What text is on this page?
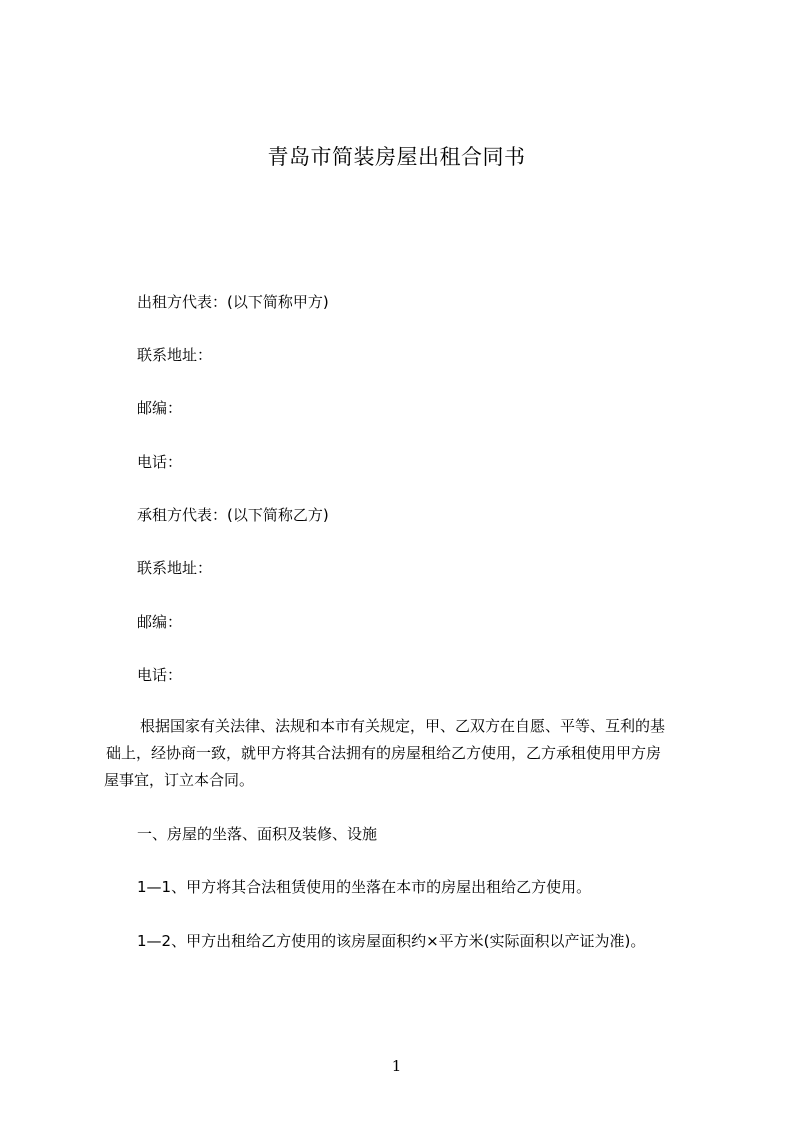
青岛市简装房屋出租合同书
出租方代表：(以下简称甲方)
联系地址：
邮编：
电话：
承租方代表：(以下简称乙方)
联系地址：
邮编：
电话：
根据国家有关法律、法规和本市有关规定，甲、乙双方在自愿、平等、互利的基
础上，经协商一致，就甲方将其合法拥有的房屋租给乙方使用，乙方承租使用甲方房
屋事宜，订立本合同。
一、房屋的坐落、面积及装修、设施
1—1、甲方将其合法租赁使用的坐落在本市的房屋出租给乙方使用。
1—2、甲方出租给乙方使用的该房屋面积约×平方米(实际面积以产证为准)。
1
